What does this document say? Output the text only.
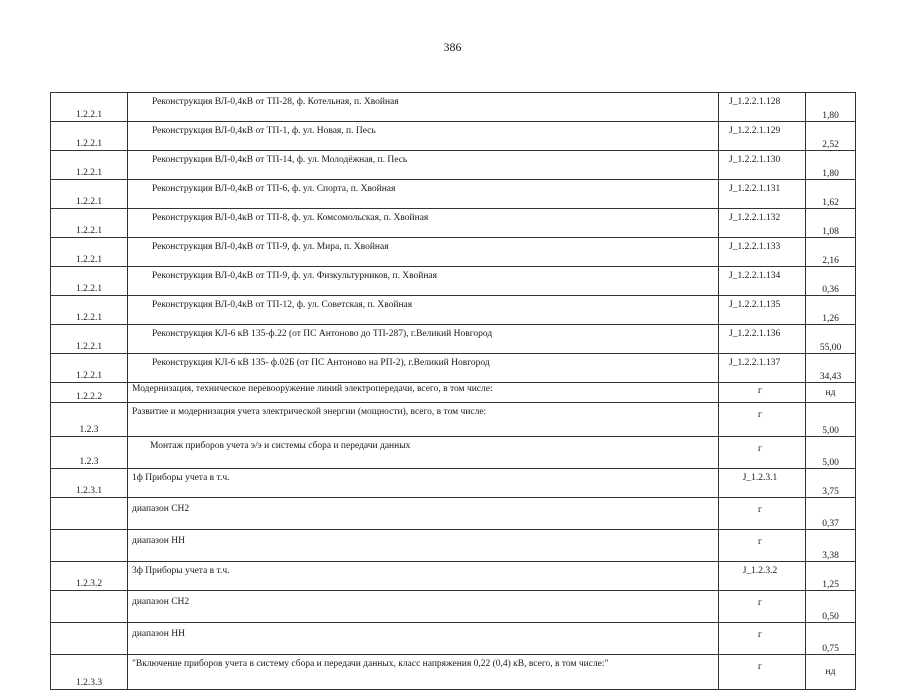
386
1.2.2.1	Реконструкция ВЛ-0,4кВ от ТП-28, ф. Котельная, п. Хвойная	J_1.2.2.1.128	1,80
1.2.2.1	Реконструкция ВЛ-0,4кВ от ТП-1, ф. ул. Новая, п. Песь	J_1.2.2.1.129	2,52
1.2.2.1	Реконструкция ВЛ-0,4кВ от ТП-14, ф. ул. Молодёжная, п. Песь	J_1.2.2.1.130	1,80
1.2.2.1	Реконструкция ВЛ-0,4кВ от ТП-6, ф. ул. Спорта, п. Хвойная	J_1.2.2.1.131	1,62
1.2.2.1	Реконструкция ВЛ-0,4кВ от ТП-8, ф. ул. Комсомольская, п. Хвойная	J_1.2.2.1.132	1,08
1.2.2.1	Реконструкция ВЛ-0,4кВ от ТП-9, ф. ул. Мира, п. Хвойная	J_1.2.2.1.133	2,16
1.2.2.1	Реконструкция ВЛ-0,4кВ от ТП-9, ф. ул. Физкультурников, п. Хвойная	J_1.2.2.1.134	0,36
1.2.2.1	Реконструкция ВЛ-0,4кВ от ТП-12, ф. ул. Советская, п. Хвойная	J_1.2.2.1.135	1,26
1.2.2.1	Реконструкция КЛ-6 кВ 135-ф.22 (от ПС Антоново до ТП-287), г.Великий Новгород	J_1.2.2.1.136	55,00
1.2.2.1	Реконструкция КЛ-6 кВ 135- ф.02Б (от ПС Антоново на РП-2), г.Великий Новгород	J_1.2.2.1.137	34,43
1.2.2.2	Модернизация, техническое перевооружение линий электропередачи, всего, в том числе:	г	нд
1.2.3	Развитие и модернизация учета электрической энергии (мощности), всего, в том числе:	г	5,00
1.2.3	Монтаж приборов учета э/э и системы сбора и передачи данных	г	5,00
1.2.3.1	1ф Приборы учета в т.ч.	J_1.2.3.1	3,75
	диапазон СН2	г	0,37
	диапазон НН	г	3,38
1.2.3.2	3ф Приборы учета в т.ч.	J_1.2.3.2	1,25
	диапазон СН2	г	0,50
	диапазон НН	г	0,75
1.2.3.3	"Включение приборов учета в систему сбора и передачи данных, класс напряжения 0,22 (0,4) кВ, всего, в том числе:"	г	нд
